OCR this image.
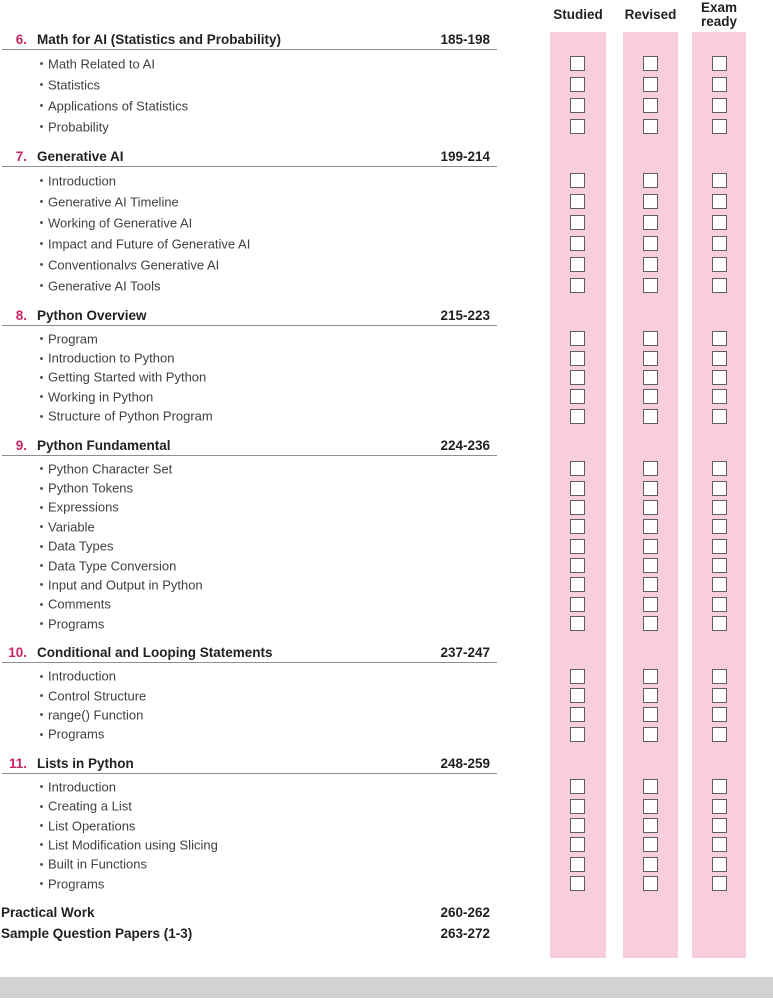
Studied	Revised	Exam ready
6. Math for AI (Statistics and Probability)	185-198
Math Related to AI
Statistics
Applications of Statistics
Probability
7. Generative AI	199-214
Introduction
Generative AI Timeline
Working of Generative AI
Impact and Future of Generative AI
Conventionalvs Generative AI
Generative AI Tools
8. Python Overview	215-223
Program
Introduction to Python
Getting Started with Python
Working in Python
Structure of Python Program
9. Python Fundamental	224-236
Python Character Set
Python Tokens
Expressions
Variable
Data Types
Data Type Conversion
Input and Output in Python
Comments
Programs
10. Conditional and Looping Statements	237-247
Introduction
Control Structure
range() Function
Programs
11. Lists in Python	248-259
Introduction
Creating a List
List Operations
List Modification using Slicing
Built in Functions
Programs
Practical Work	260-262
Sample Question Papers (1-3)	263-272
